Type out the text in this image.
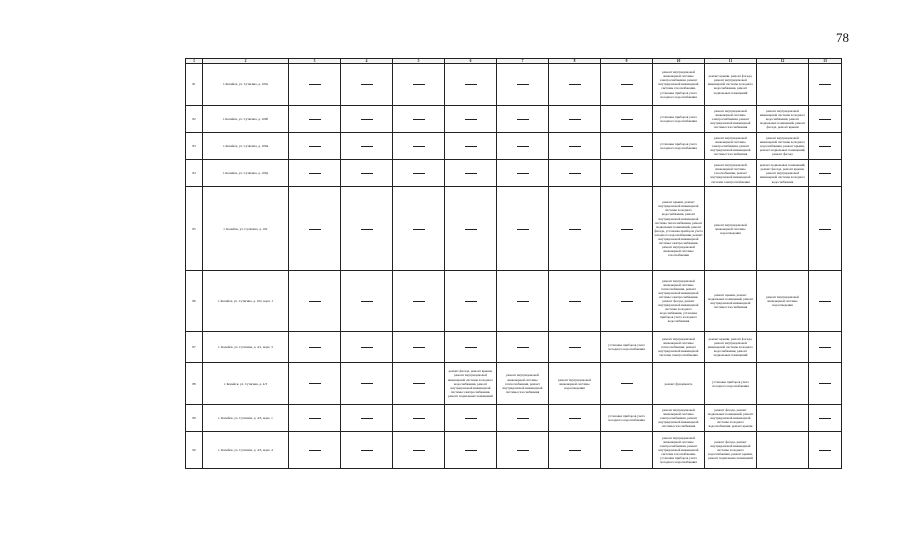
78
1	2	3	4	5	6	7	8	9	10	11	12	13
81	г. Копейск, ул. Сутягина, д. 100а								ремонт внутридомовой инженерной системы электроснабжения, ремонт внутридомовой инженерной системы газоснабжения, установка приборов учета холодного водоснабжения	ремонт крыши, ремонт фасада, ремонт внутридомовой инженерной системы холодного водоснабжения, ремонт подвальных помещений		
82	г. Копейск, ул. Сутягина, д. 100б								установка приборов учета холодного водоснабжения	ремонт внутридомовой инженерной системы электроснабжения, ремонт внутридомовой инженерной системы газоснабжения	ремонт внутридомовой инженерной системы холодного водоснабжения, ремонт подвальных помещений, ремонт фасада, ремонт крыши	
83	г. Копейск, ул. Сутягина, д. 100в								установка приборов учета холодного водоснабжения	ремонт внутридомовой инженерной системы электроснабжения, ремонт внутридомовой инженерной системы газоснабжения	ремонт внутридомовой инженерной системы холодного водоснабжения, ремонт крыши, ремонт подвальных помещений, ремонт фасада	
84	г. Копейск, ул. Сутягина, д. 100д									ремонт внутридомовой инженерной системы газоснабжения, ремонт внутридомовой инженерной системы электроснабжения	ремонт подвальных помещений, ремонт фасада, ремонт крыши, ремонт внутридомовой инженерной системы холодного водоснабжения	
85	г. Копейск, ул. Сутягина, д. 102								ремонт крыши, ремонт внутридомовой инженерной системы холодного водоснабжения, ремонт внутридомовой инженерной системы теплоснабжения, ремонт подвальных помещений, ремонт фасада, установка приборов учета холодного водоснабжения, ремонт внутридомовой инженерной системы электроснабжения, ремонт внутридомовой инженерной системы газоснабжения	ремонт внутридомовой инженерной системы водоотведения		
86	г. Копейск, ул. Сутягина, д. 102, корп. 1								ремонт внутридомовой инженерной системы теплоснабжения, ремонт внутридомовой инженерной системы электроснабжения, ремонт фасада, ремонт внутридомовой инженерной системы холодного водоснабжения, установка приборов учета холодного водоснабжения	ремонт крыши, ремонт подвальных помещений, ремонт внутридомовой инженерной системы газоснабжения	ремонт внутридомовой инженерной системы водоотведения	
87	г. Копейск, ул. Сутягина, д. 4/1, корп. 3							установка приборов учета холодного водоснабжения	ремонт внутридомовой инженерной системы теплоснабжения, ремонт внутридомовой инженерной системы электроснабжения	ремонт крыши, ремонт фасада, ремонт внутридомовой инженерной системы холодного водоснабжения, ремонт подвальных помещений		
88	г. Копейск, ул. Сутягина, д. 4/3				ремонт фасада, ремонт крыши, ремонт внутридомовой инженерной системы холодного водоснабжения, ремонт внутридомовой инженерной системы электроснабжения, ремонт подвальных помещений	ремонт внутридомовой инженерной системы теплоснабжения, ремонт внутридомовой инженерной системы газоснабжения	ремонт внутридомовой инженерной системы водоотведения		ремонт фундамента	установка приборов учета холодного водоснабжения		
89	г. Копейск, ул. Сутягина, д. 4/3, корп. 1							установка приборов учета холодного водоснабжения	ремонт внутридомовой инженерной системы электроснабжения, ремонт внутридомовой инженерной системы газоснабжения	ремонт фасада, ремонт подвальных помещений, ремонт внутридомовой инженерной системы холодного водоснабжения, ремонт крыши		
90	г. Копейск, ул. Сутягина, д. 4/3, корп. 4								ремонт внутридомовой инженерной системы электроснабжения, ремонт внутридомовой инженерной системы газоснабжения, установка приборов учета холодного водоснабжения	ремонт фасада, ремонт внутридомовой инженерной системы холодного водоснабжения, ремонт крыши, ремонт подвальных помещений		
